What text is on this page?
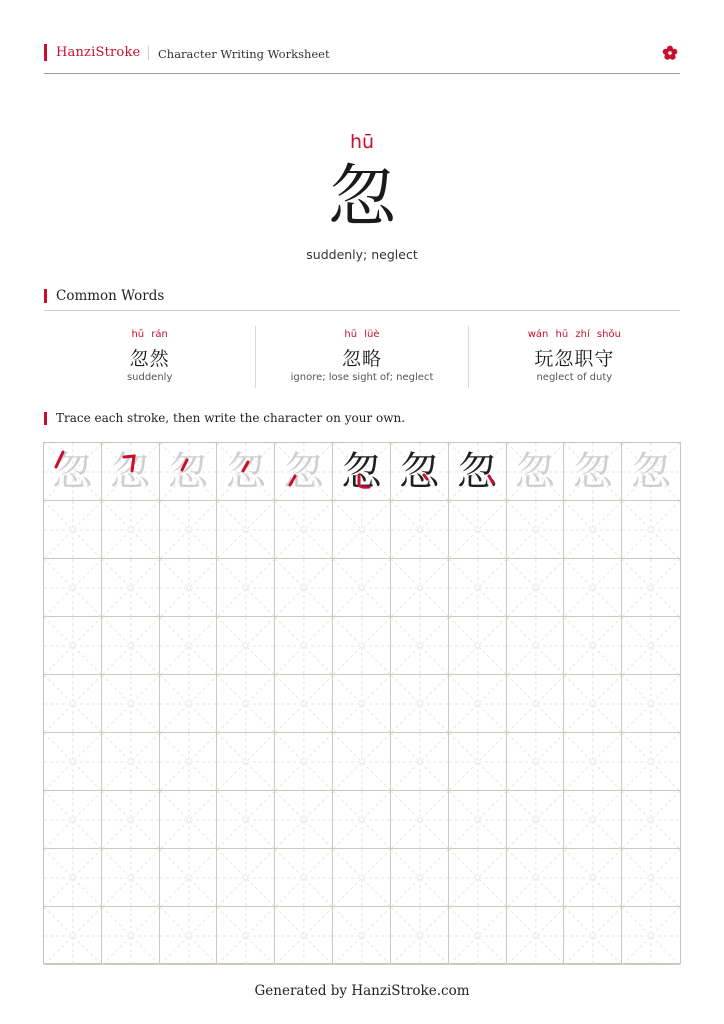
HanziStroke Character Writing Worksheet
hū
忽
suddenly; neglect
Common Words
hū rán
忽然
suddenly
hū lüè
忽略
ignore; lose sight of; neglect
wán hū zhí shǒu
玩忽职守
neglect of duty
Trace each stroke, then write the character on your own.
忽 忽 忽 忽 忽 忽 忽 忽 忽 忽 忽
Generated by HanziStroke.com
